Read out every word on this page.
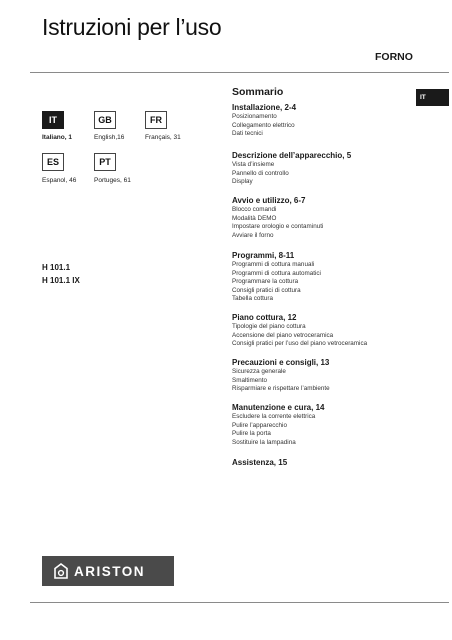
Istruzioni per l’uso
FORNO
IT
Italiano, 1
GB
English,16
FR
Français, 31
ES
Espanol, 46
PT
Portuges, 61
H 101.1
H 101.1 IX
Sommario
Installazione, 2-4
Posizionamento
Collegamento elettrico
Dati tecnici
Descrizione dell’apparecchio, 5
Vista d’insieme
Pannello di controllo
Display
Avvio e utilizzo, 6-7
Blocco comandi
Modalità DEMO
Impostare orologio e contaminuti
Avviare il forno
Programmi, 8-11
Programmi di cottura manuali
Programmi di cottura automatici
Programmare la cottura
Consigli pratici di cottura
Tabella cottura
Piano cottura, 12
Tipologie del piano cottura
Accensione del piano vetroceramica
Consigli pratici per l’uso del piano vetroceramica
Precauzioni e consigli, 13
Sicurezza generale
Smaltimento
Risparmiare e rispettare l’ambiente
Manutenzione e cura, 14
Escludere la corrente elettrica
Pulire l’apparecchio
Pulire la porta
Sostituire la lampadina
Assistenza, 15
IT
ARISTON
